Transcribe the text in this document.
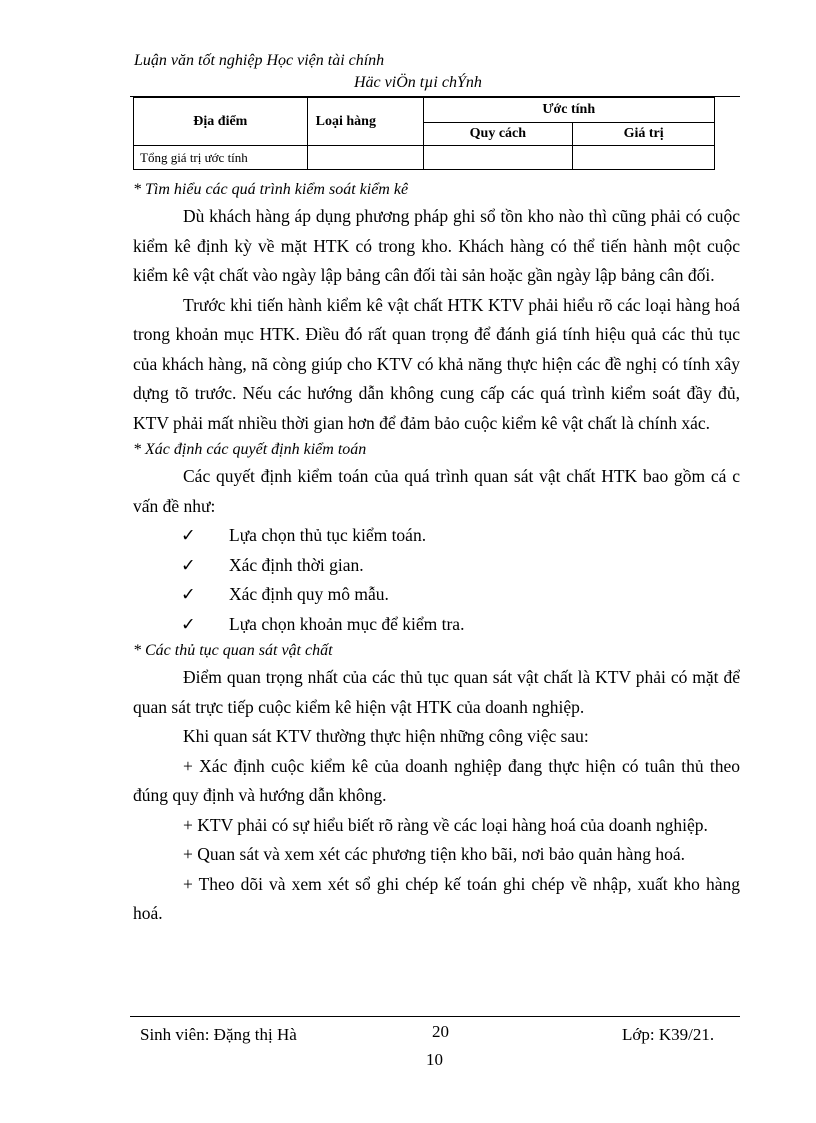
Luận văn tốt nghiệp Học viện tài chính
Häc viÖn tµi chÝnh
Địa điểm	Loại hàng	Ước tính	
		Quy cách	Giá trị
Tổng giá trị ước tính			

* Tìm hiểu các quá trình kiểm soát kiểm kê

Dù khách hàng áp dụng phương pháp ghi sổ tồn kho nào thì cũng phải có cuộc kiểm kê định kỳ về mặt HTK có trong kho. Khách hàng có thể tiến hành một cuộc kiểm kê vật chất vào ngày lập bảng cân đối tài sản hoặc gần ngày lập bảng cân đối.

Trước khi tiến hành kiểm kê vật chất HTK KTV phải hiểu rõ các loại hàng hoá trong khoản mục HTK. Điều đó rất quan trọng để đánh giá tính hiệu quả các thủ tục của khách hàng, nã còng giúp cho KTV có khả năng thực hiện các đề nghị có tính xây dựng tõ trước. Nếu các hướng dẫn không cung cấp các quá trình kiểm soát đầy đủ, KTV phải mất nhiều thời gian hơn để đảm bảo cuộc kiểm kê vật chất là chính xác.

* Xác định các quyết định kiểm toán

Các quyết định kiểm toán của quá trình quan sát vật chất HTK bao gồm cá c vấn đề như:

✓	Lựa chọn thủ tục kiểm toán.
✓	Xác định thời gian.
✓	Xác định quy mô mẫu.
✓	Lựa chọn khoản mục để kiểm tra.

* Các thủ tục quan sát vật chất

Điểm quan trọng nhất của các thủ tục quan sát vật chất là KTV phải có mặt để quan sát trực tiếp cuộc kiểm kê hiện vật HTK của doanh nghiệp.

Khi quan sát KTV thường thực hiện những công việc sau:

+ Xác định cuộc kiểm kê của doanh nghiệp đang thực hiện có tuân thủ theo đúng quy định và hướng dẫn không.

+ KTV phải có sự hiểu biết rõ ràng về các loại hàng hoá của doanh nghiệp.

+ Quan sát và xem xét các phương tiện kho bãi, nơi bảo quản hàng hoá.

+ Theo dõi và xem xét sổ ghi chép kế toán ghi chép về nhập, xuất kho hàng hoá.

Sinh viên: Đặng thị Hà	20	Lớp: K39/21.
10
